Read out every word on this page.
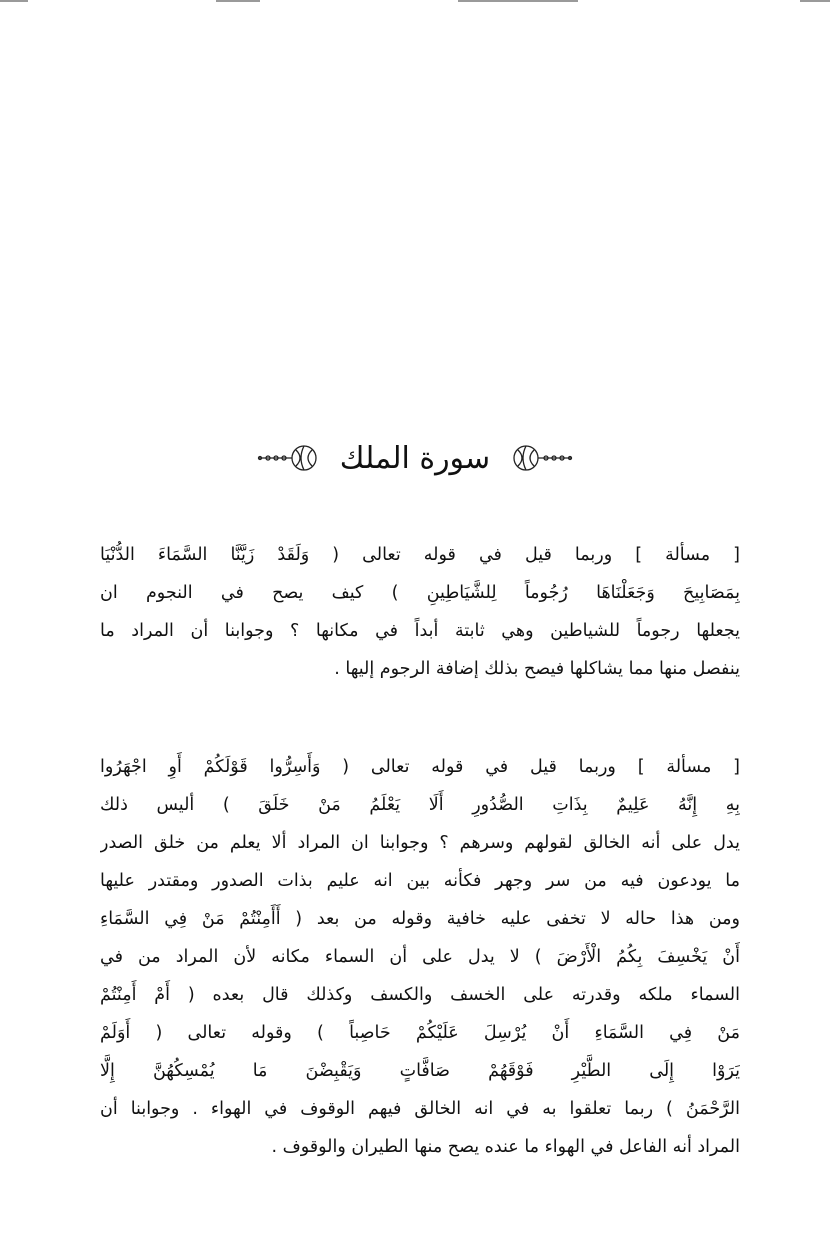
سورة الملك
[ مسألة ] وربما قيل في قوله تعالى ( وَلَقَدْ زَيَّنَّا السَّمَاءَ الدُّنْيَا
بِمَصَابِيحَ وَجَعَلْنَاهَا رُجُوماً لِلشَّيَاطِينِ ) كيف يصح في النجوم ان
يجعلها رجوماً للشياطين وهي ثابتة أبداً في مكانها ؟ وجوابنا أن المراد ما
ينفصل منها مما يشاكلها فيصح بذلك إضافة الرجوم إليها .
[ مسألة ] وربما قيل في قوله تعالى ( وَأَسِرُّوا قَوْلَكُمْ أَوِ اجْهَرُوا
بِهِ إِنَّهُ عَلِيمٌ بِذَاتِ الصُّدُورِ أَلَا يَعْلَمُ مَنْ خَلَقَ ) أليس ذلك
يدل على أنه الخالق لقولهم وسرهم ؟ وجوابنا ان المراد ألا يعلم من خلق الصدر
ما يودعون فيه من سر وجهر فكأنه بين انه عليم بذات الصدور ومقتدر عليها
ومن هذا حاله لا تخفى عليه خافية وقوله من بعد ( أَأَمِنْتُمْ مَنْ فِي السَّمَاءِ
أَنْ يَخْسِفَ بِكُمُ الْأَرْضَ ) لا يدل على أن السماء مكانه لأن المراد من في
السماء ملكه وقدرته على الخسف والكسف وكذلك قال بعده ( أَمْ أَمِنْتُمْ
مَنْ فِي السَّمَاءِ أَنْ يُرْسِلَ عَلَيْكُمْ حَاصِباً ) وقوله تعالى ( أَوَلَمْ
يَرَوْا إِلَى الطَّيْرِ فَوْقَهُمْ صَافَّاتٍ وَيَقْبِضْنَ مَا يُمْسِكُهُنَّ إِلَّا
الرَّحْمَنُ ) ربما تعلقوا به في انه الخالق فيهم الوقوف في الهواء . وجوابنا أن
المراد أنه الفاعل في الهواء ما عنده يصح منها الطيران والوقوف .
